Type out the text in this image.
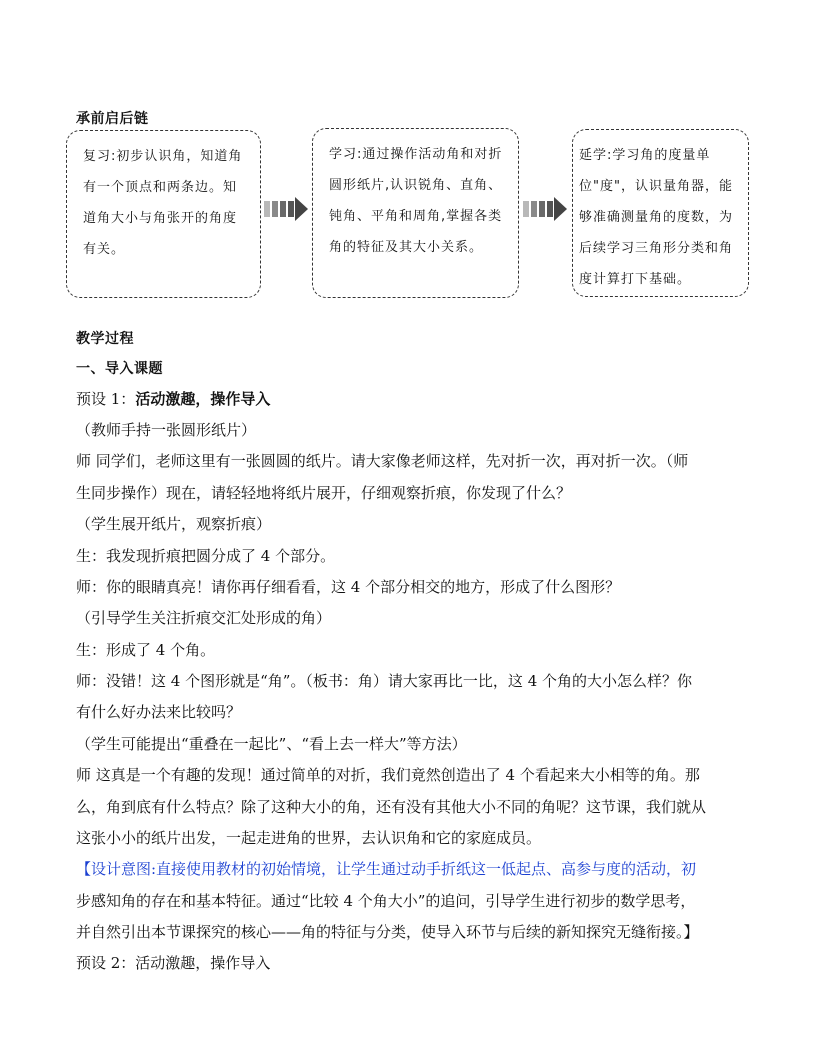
承前启后链
复习:初步认识角，知道角有一个顶点和两条边。知道角大小与角张开的角度有关。
学习:通过操作活动角和对折圆形纸片,认识锐角、直角、钝角、平角和周角,掌握各类角的特征及其大小关系。
延学:学习角的度量单位"度"，认识量角器，能够准确测量角的度数，为后续学习三角形分类和角度计算打下基础。
教学过程
一、导入课题
预设 1：活动激趣，操作导入
（教师手持一张圆形纸片）
师 同学们，老师这里有一张圆圆的纸片。请大家像老师这样，先对折一次，再对折一次。（师
生同步操作）现在，请轻轻地将纸片展开，仔细观察折痕，你发现了什么？
（学生展开纸片，观察折痕）
生：我发现折痕把圆分成了 4 个部分。
师：你的眼睛真亮！请你再仔细看看，这 4 个部分相交的地方，形成了什么图形？
（引导学生关注折痕交汇处形成的角）
生：形成了 4 个角。
师：没错！这 4 个图形就是“角”。（板书：角）请大家再比一比，这 4 个角的大小怎么样？你
有什么好办法来比较吗？
（学生可能提出“重叠在一起比”、“看上去一样大”等方法）
师 这真是一个有趣的发现！通过简单的对折，我们竟然创造出了 4 个看起来大小相等的角。那
么，角到底有什么特点？除了这种大小的角，还有没有其他大小不同的角呢？这节课，我们就从
这张小小的纸片出发，一起走进角的世界，去认识角和它的家庭成员。
【设计意图:直接使用教材的初始情境，让学生通过动手折纸这一低起点、高参与度的活动，初
步感知角的存在和基本特征。通过“比较 4 个角大小”的追问，引导学生进行初步的数学思考，
并自然引出本节课探究的核心——角的特征与分类，使导入环节与后续的新知探究无缝衔接。】
预设 2：活动激趣，操作导入
